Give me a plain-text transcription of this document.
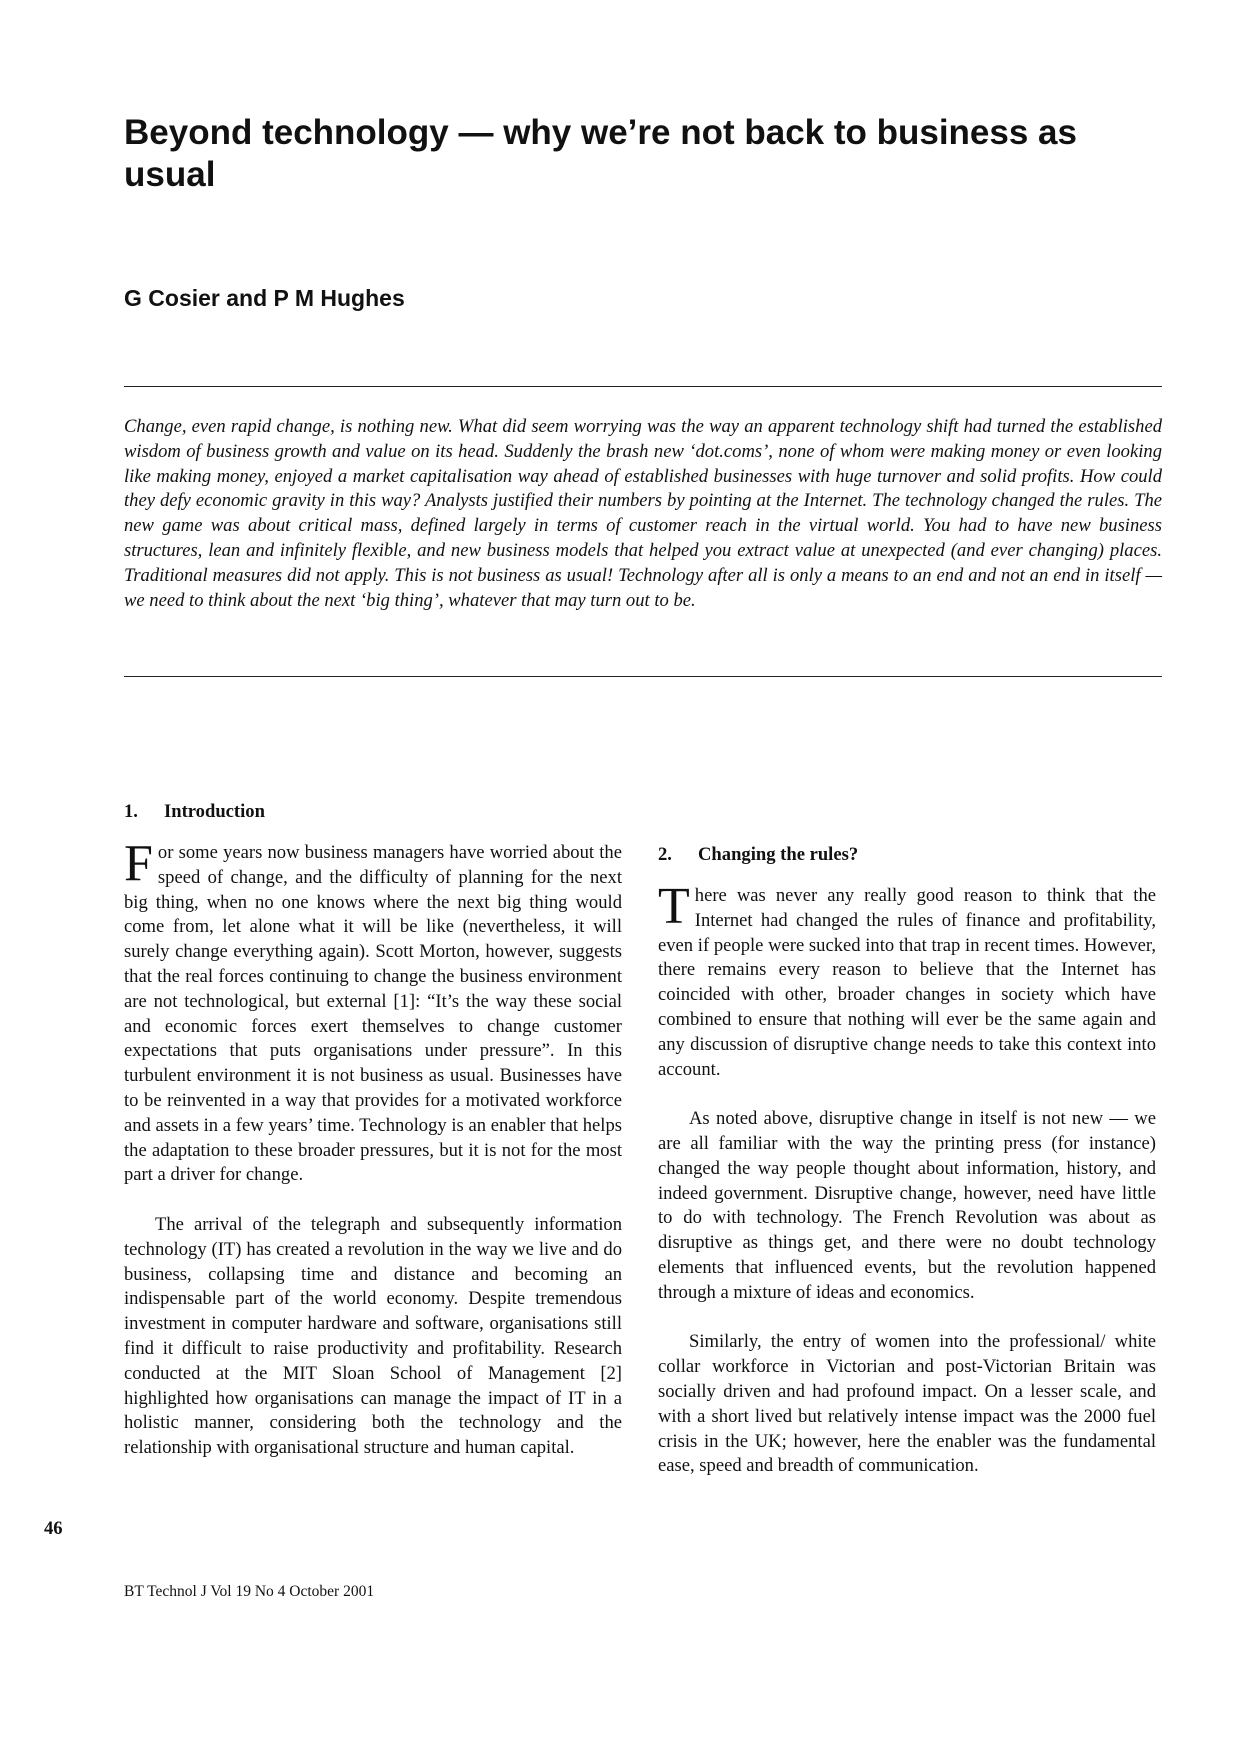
Beyond technology — why we’re not back to business as usual
G Cosier and P M Hughes

Change, even rapid change, is nothing new. What did seem worrying was the way an apparent technology shift had turned the established wisdom of business growth and value on its head. Suddenly the brash new ‘dot.coms’, none of whom were making money or even looking like making money, enjoyed a market capitalisation way ahead of established businesses with huge turnover and solid profits. How could they defy economic gravity in this way? Analysts justified their numbers by pointing at the Internet. The technology changed the rules. The new game was about critical mass, defined largely in terms of customer reach in the virtual world. You had to have new business structures, lean and infinitely flexible, and new business models that helped you extract value at unexpected (and ever changing) places. Traditional measures did not apply. This is not business as usual! Technology after all is only a means to an end and not an end in itself — we need to think about the next ‘big thing’, whatever that may turn out to be.

1. Introduction

For some years now business managers have worried about the speed of change, and the difficulty of planning for the next big thing, when no one knows where the next big thing would come from, let alone what it will be like (nevertheless, it will surely change everything again). Scott Morton, however, suggests that the real forces continuing to change the business environment are not technological, but external [1]: “It’s the way these social and economic forces exert themselves to change customer expectations that puts organisations under pressure”. In this turbulent environment it is not business as usual. Businesses have to be reinvented in a way that provides for a motivated workforce and assets in a few years’ time. Technology is an enabler that helps the adaptation to these broader pressures, but it is not for the most part a driver for change.

The arrival of the telegraph and subsequently information technology (IT) has created a revolution in the way we live and do business, collapsing time and distance and becoming an indispensable part of the world economy. Despite tremendous investment in computer hardware and software, organisations still find it difficult to raise productivity and profitability. Research conducted at the MIT Sloan School of Management [2] highlighted how organisations can manage the impact of IT in a holistic manner, considering both the technology and the relationship with organisational structure and human capital.

2. Changing the rules?

There was never any really good reason to think that the Internet had changed the rules of finance and profitability, even if people were sucked into that trap in recent times. However, there remains every reason to believe that the Internet has coincided with other, broader changes in society which have combined to ensure that nothing will ever be the same again and any discussion of disruptive change needs to take this context into account.

As noted above, disruptive change in itself is not new — we are all familiar with the way the printing press (for instance) changed the way people thought about information, history, and indeed government. Disruptive change, however, need have little to do with technology. The French Revolution was about as disruptive as things get, and there were no doubt technology elements that influenced events, but the revolution happened through a mixture of ideas and economics.

Similarly, the entry of women into the professional/ white collar workforce in Victorian and post-Victorian Britain was socially driven and had profound impact. On a lesser scale, and with a short lived but relatively intense impact was the 2000 fuel crisis in the UK; however, here the enabler was the fundamental ease, speed and breadth of communication.

46
BT Technol J Vol 19 No 4 October 2001
